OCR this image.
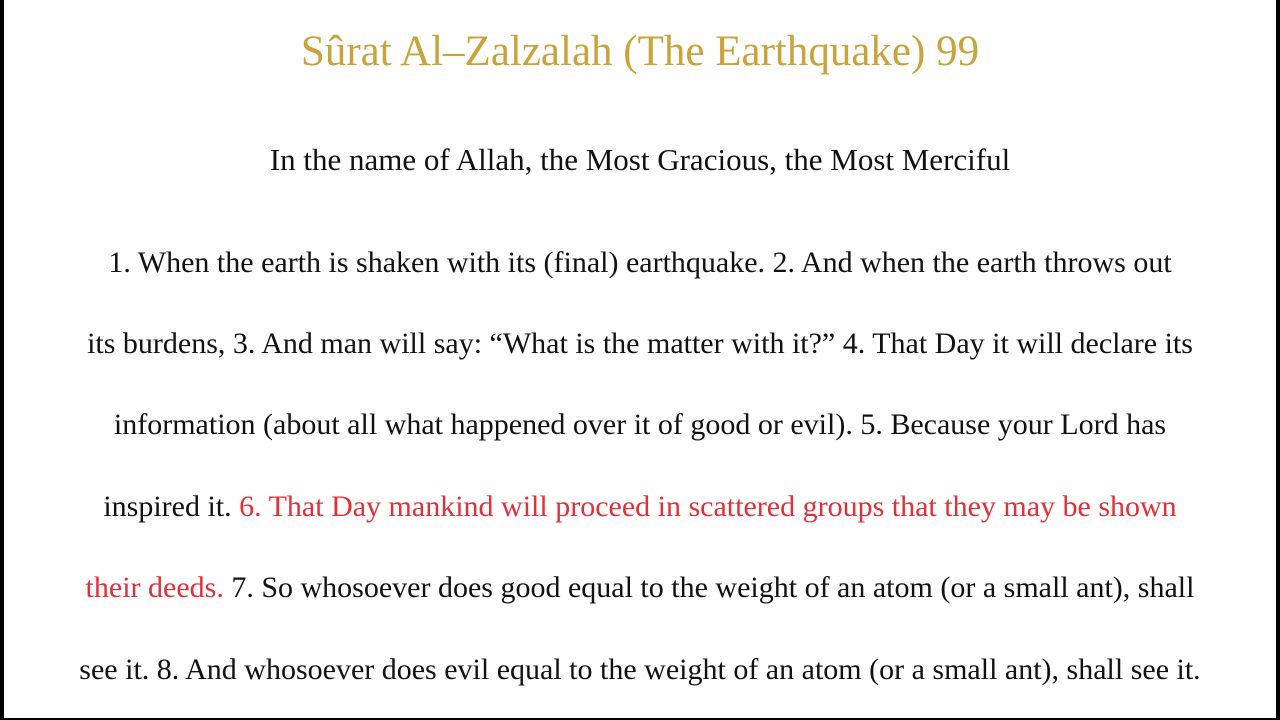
Sûrat Al–Zalzalah (The Earthquake) 99
In the name of Allah, the Most Gracious, the Most Merciful
1. When the earth is shaken with its (final) earthquake. 2. And when the earth throws out
its burdens, 3. And man will say: “What is the matter with it?” 4. That Day it will declare its
information (about all what happened over it of good or evil). 5. Because your Lord has
inspired it. 6. That Day mankind will proceed in scattered groups that they may be shown
their deeds. 7. So whosoever does good equal to the weight of an atom (or a small ant), shall
see it. 8. And whosoever does evil equal to the weight of an atom (or a small ant), shall see it.
